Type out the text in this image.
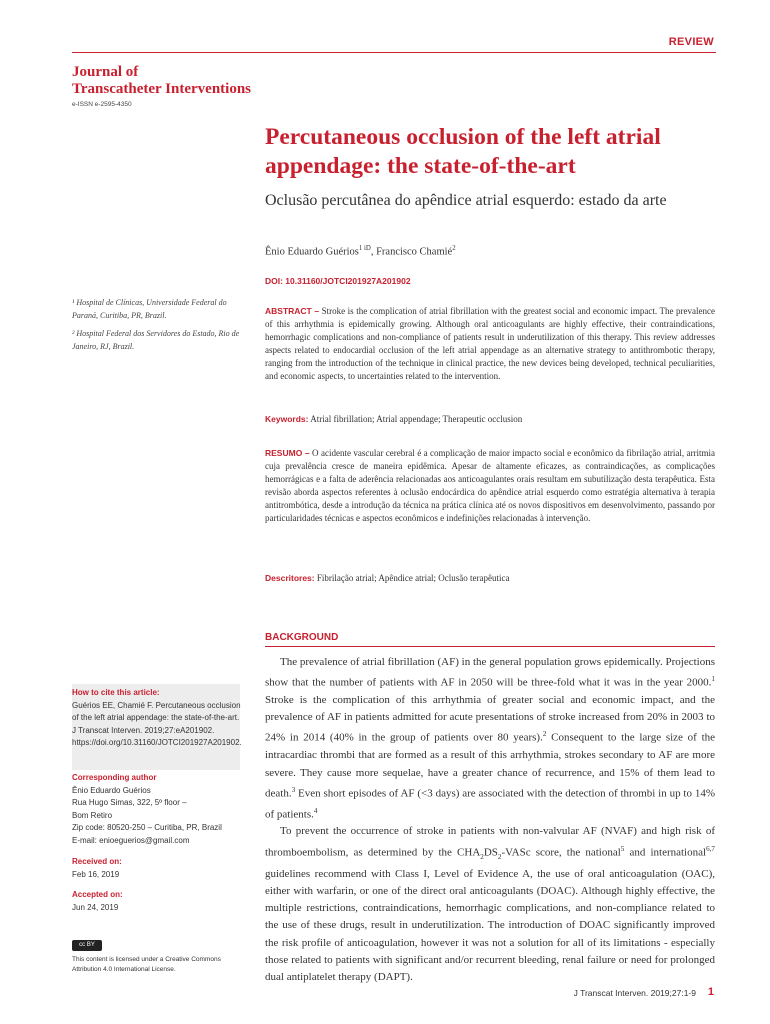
REVIEW
Journal of
Transcatheter Interventions
e-ISSN e-2595-4350
Percutaneous occlusion of the left atrial appendage: the state-of-the-art
Oclusão percutânea do apêndice atrial esquerdo: estado da arte
Ênio Eduardo Guérios$^{1 iD}$, Francisco Chamié$^2$
DOI: 10.31160/JOTCI201927A201902

¹ Hospital de Clínicas, Universidade Federal do Paraná, Curitiba, PR, Brazil.

² Hospital Federal dos Servidores do Estado, Rio de Janeiro, RJ, Brazil.

ABSTRACT – Stroke is the complication of atrial fibrillation with the greatest social and economic impact. The prevalence of this arrhythmia is epidemically growing. Although oral anticoagulants are highly effective, their contraindications, hemorrhagic complications and non-compliance of patients result in underutilization of this therapy. This review addresses aspects related to endocardial occlusion of the left atrial appendage as an alternative strategy to antithrombotic therapy, ranging from the introduction of the technique in clinical practice, the new devices being developed, technical peculiarities, and economic aspects, to uncertainties related to the intervention.
Keywords: Atrial fibrillation; Atrial appendage; Therapeutic occlusion
RESUMO – O acidente vascular cerebral é a complicação de maior impacto social e econômico da fibrilação atrial, arritmia cuja prevalência cresce de maneira epidêmica. Apesar de altamente eficazes, as contraindicações, as complicações hemorrágicas e a falta de aderência relacionadas aos anticoagulantes orais resultam em subutilização desta terapêutica. Esta revisão aborda aspectos referentes à oclusão endocárdica do apêndice atrial esquerdo como estratégia alternativa à terapia antitrombótica, desde a introdução da técnica na prática clínica até os novos dispositivos em desenvolvimento, passando por particularidades técnicas e aspectos econômicos e indefinições relacionadas à intervenção.
Descritores: Fibrilação atrial; Apêndice atrial; Oclusão terapêutica
BACKGROUND

The prevalence of atrial fibrillation (AF) in the general population grows epidemically. Projections show that the number of patients with AF in 2050 will be three-fold what it was in the year 2000.$^1$ Stroke is the complication of this arrhythmia of greater social and economic impact, and the prevalence of AF in patients admitted for acute presentations of stroke increased from 20% in 2003 to 24% in 2014 (40% in the group of patients over 80 years).$^2$ Consequent to the large size of the intracardiac thrombi that are formed as a result of this arrhythmia, strokes secondary to AF are more severe. They cause more sequelae, have a greater chance of recurrence, and 15% of them lead to death.$^3$ Even short episodes of AF (<3 days) are associated with the detection of thrombi in up to 14% of patients.$^4$

To prevent the occurrence of stroke in patients with non-valvular AF (NVAF) and high risk of thromboembolism, as determined by the $CHA_2DS_2$-VASc score, the national$^5$ and international$^{6,7}$ guidelines recommend with Class I, Level of Evidence A, the use of oral anticoagulation (OAC), either with warfarin, or one of the direct oral anticoagulants (DOAC). Although highly effective, the multiple restrictions, contraindications, hemorrhagic complications, and non-compliance related to the use of these drugs, result in underutilization. The introduction of DOAC significantly improved the risk profile of anticoagulation, however it was not a solution for all of its limitations - especially those related to patients with significant and/or recurrent bleeding, renal failure or need for prolonged dual antiplatelet therapy (DAPT).

How to cite this article:
Guérios EE, Chamié F. Percutaneous occlusion of the left atrial appendage: the state-of-the-art. J Transcat Interven. 2019;27:eA201902. https://doi.org/10.31160/JOTCI201927A201902.
Corresponding author
Ênio Eduardo Guérios
Rua Hugo Simas, 322, 5º floor –
Bom Retiro
Zip code: 80520-250 – Curitiba, PR, Brazil
E-mail: enioeguerios@gmail.com
Received on:
Feb 16, 2019
Accepted on:
Jun 24, 2019
cc BY
This content is licensed under a Creative Commons Attribution 4.0 International License.
J Transcat Interven. 2019;27:1-9 1
